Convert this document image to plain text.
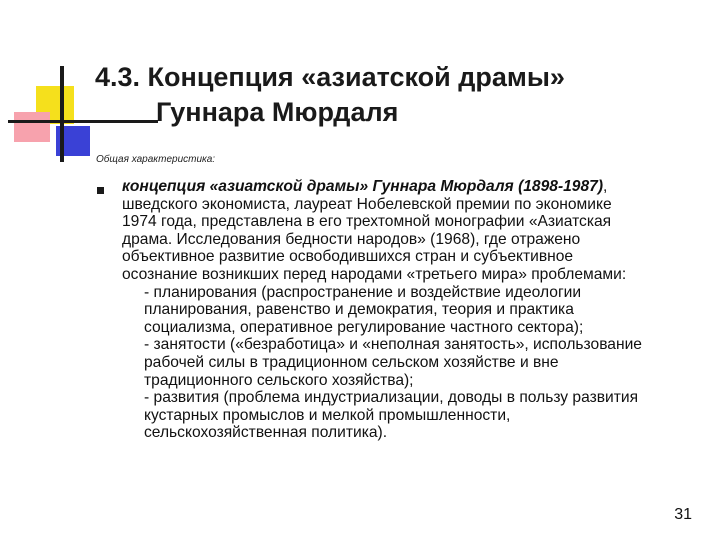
4.3. Концепция «азиатской драмы»
Гуннара Мюрдаля
Общая характеристика:
концепция «азиатской драмы» Гуннара Мюрдаля (1898-1987), шведского экономиста, лауреат Нобелевской премии по экономике 1974 года, представлена в его трехтомной монографии «Азиатская драма. Исследования бедности народов» (1968), где отражено объективное развитие освободившихся стран и субъективное осознание возникших перед народами «третьего мира» проблемами:
- планирования (распространение и воздействие идеологии планирования, равенство и демократия, теория и практика социализма, оперативное регулирование частного сектора);
- занятости («безработица» и «неполная занятость», использование рабочей силы в традиционном сельском хозяйстве и вне традиционного сельского хозяйства);
- развития (проблема индустриализации, доводы в пользу развития кустарных промыслов и мелкой промышленности, сельскохозяйственная политика).
31
